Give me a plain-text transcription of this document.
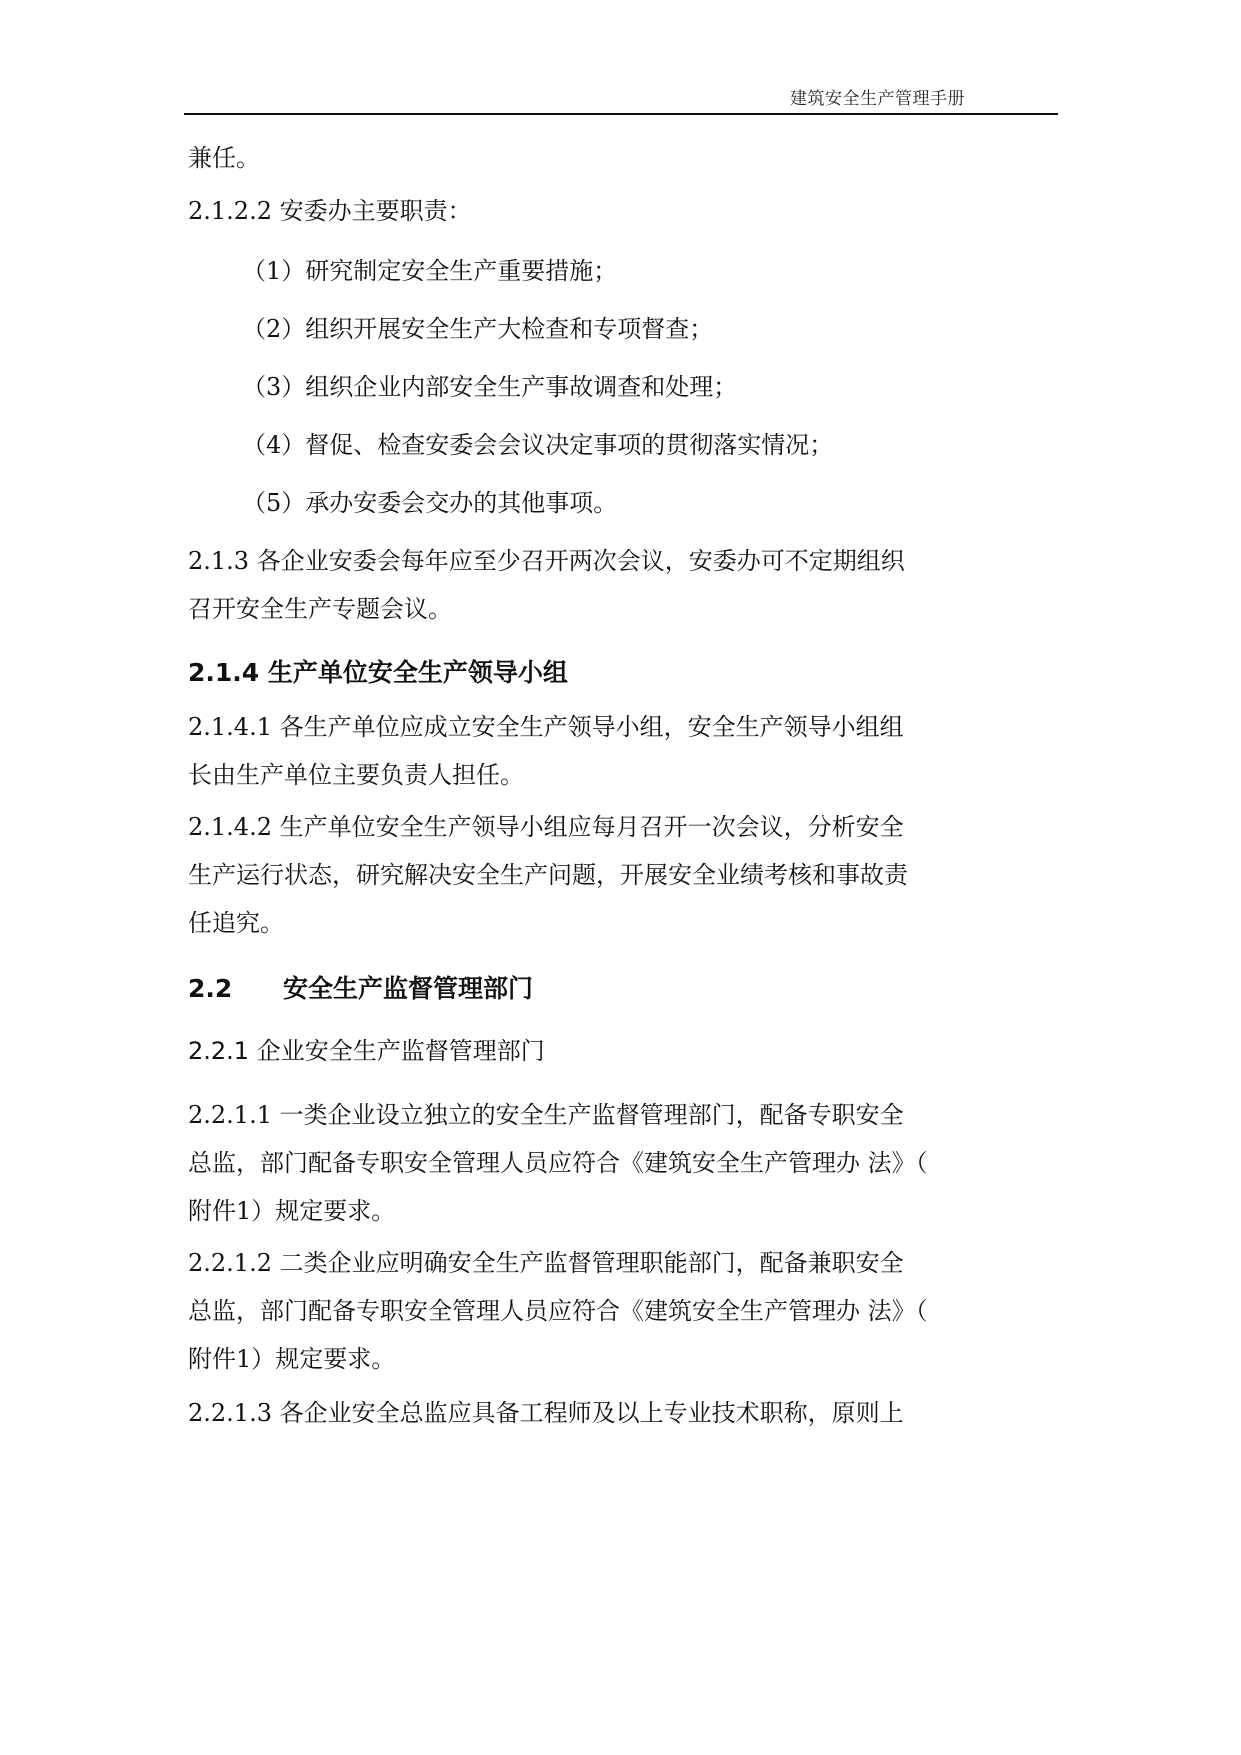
建筑安全生产管理手册
兼任。
2.1.2.2 安委办主要职责：
（1）研究制定安全生产重要措施；
（2）组织开展安全生产大检查和专项督查；
（3）组织企业内部安全生产事故调查和处理；
（4）督促、检查安委会会议决定事项的贯彻落实情况；
（5）承办安委会交办的其他事项。
2.1.3 各企业安委会每年应至少召开两次会议，安委办可不定期组织
召开安全生产专题会议。
2.1.4 生产单位安全生产领导小组
2.1.4.1 各生产单位应成立安全生产领导小组，安全生产领导小组组
长由生产单位主要负责人担任。
2.1.4.2 生产单位安全生产领导小组应每月召开一次会议，分析安全
生产运行状态，研究解决安全生产问题，开展安全业绩考核和事故责
任追究。
2.2 安全生产监督管理部门
2.2.1 企业安全生产监督管理部门
2.2.1.1 一类企业设立独立的安全生产监督管理部门，配备专职安全
总监，部门配备专职安全管理人员应符合《建筑安全生产管理办 法》（
附件1）规定要求。
2.2.1.2 二类企业应明确安全生产监督管理职能部门，配备兼职安全
总监，部门配备专职安全管理人员应符合《建筑安全生产管理办 法》（
附件1）规定要求。
2.2.1.3 各企业安全总监应具备工程师及以上专业技术职称，原则上
